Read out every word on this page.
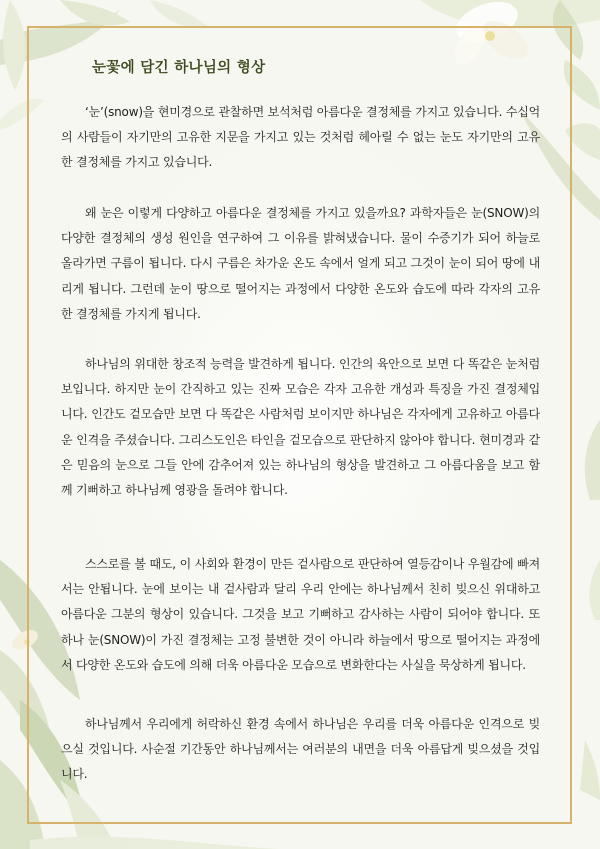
눈꽃에 담긴 하나님의 형상

‘눈’(snow)을 현미경으로 관찰하면 보석처럼 아름다운 결정체를 가지고 있습니다. 수십억의 사람들이 자기만의 고유한 지문을 가지고 있는 것처럼 헤아릴 수 없는 눈도 자기만의 고유한 결정체를 가지고 있습니다.

왜 눈은 이렇게 다양하고 아름다운 결정체를 가지고 있을까요? 과학자들은 눈(SNOW)의 다양한 결정체의 생성 원인을 연구하여 그 이유를 밝혀냈습니다. 물이 수증기가 되어 하늘로 올라가면 구름이 됩니다. 다시 구름은 차가운 온도 속에서 얼게 되고 그것이 눈이 되어 땅에 내리게 됩니다. 그런데 눈이 땅으로 떨어지는 과정에서 다양한 온도와 습도에 따라 각자의 고유한 결정체를 가지게 됩니다.

하나님의 위대한 창조적 능력을 발견하게 됩니다. 인간의 육안으로 보면 다 똑같은 눈처럼 보입니다. 하지만 눈이 간직하고 있는 진짜 모습은 각자 고유한 개성과 특징을 가진 결정체입니다. 인간도 겉모습만 보면 다 똑같은 사람처럼 보이지만 하나님은 각자에게 고유하고 아름다운 인격을 주셨습니다. 그리스도인은 타인을 겉모습으로 판단하지 않아야 합니다. 현미경과 같은 믿음의 눈으로 그들 안에 감추어져 있는 하나님의 형상을 발견하고 그 아름다움을 보고 함께 기뻐하고 하나님께 영광을 돌려야 합니다.

스스로를 볼 때도, 이 사회와 환경이 만든 겉사람으로 판단하여 열등감이나 우월감에 빠져서는 안됩니다. 눈에 보이는 내 겉사람과 달리 우리 안에는 하나님께서 친히 빚으신 위대하고 아름다운 그분의 형상이 있습니다. 그것을 보고 기뻐하고 감사하는 사람이 되어야 합니다. 또 하나 눈(SNOW)이 가진 결정체는 고정 불변한 것이 아니라 하늘에서 땅으로 떨어지는 과정에서 다양한 온도와 습도에 의해 더욱 아름다운 모습으로 변화한다는 사실을 묵상하게 됩니다.

하나님께서 우리에게 허락하신 환경 속에서 하나님은 우리를 더욱 아름다운 인격으로 빚으실 것입니다. 사순절 기간동안 하나님께서는 여러분의 내면을 더욱 아름답게 빚으셨을 것입니다.
